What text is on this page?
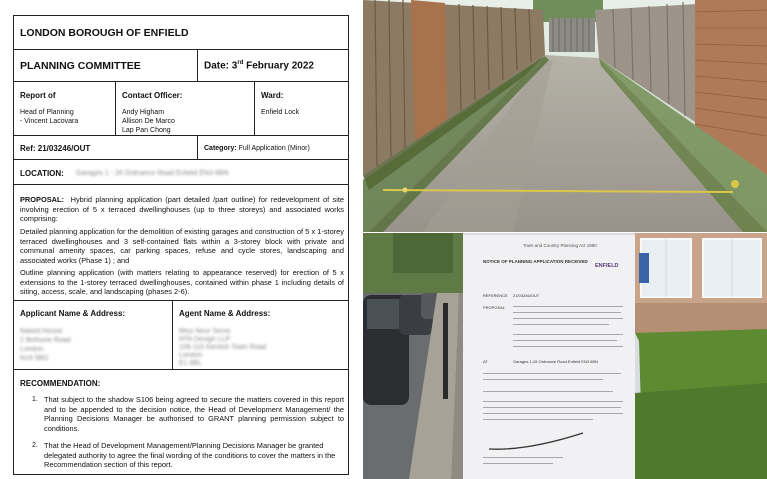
LONDON BOROUGH OF ENFIELD
PLANNING COMMITTEE	Date: 3rd February 2022
Report of
Head of Planning
- Vincent Lacovara
Contact Officer:
Andy Higham
Allison De Marco
Lap Pan Chong
Ward:
Enfield Lock
Ref: 21/03246/OUT	Category: Full Application (Minor)
LOCATION: Garages 1 - 26 Ordnance Road Enfield EN3 6BN
PROPOSAL: Hybrid planning application (part detailed /part outline) for redevelopment of site involving erection of 5 x terraced dwellinghouses (up to three storeys) and associated works comprising:
Detailed planning application for the demolition of existing garages and construction of 5 x 1-storey terraced dwellinghouses and 3 self-contained flats within a 3-storey block with private and communal amenity spaces, car parking spaces, refuse and cycle stores, landscaping and associated works (Phase 1) ; and
Outline planning application (with matters relating to appearance reserved) for erection of 5 x extensions to the 1-storey terraced dwellinghouses, contained within phase 1 including details of siting, access, scale, and landscaping (phases 2-6).
Applicant Name & Address:
Naked House
2 Bethune Road
London
N16 5BD
Agent Name & Address:
Miss Nour Sinno
HTA Design LLP
106-110 Kentish Town Road
London
E1 8BL
RECOMMENDATION:
1. That subject to the shadow S106 being agreed to secure the matters covered in this report and to be appended to the decision notice, the Head of Development Management/ the Planning Decisions Manager be authorised to GRANT planning permission subject to conditions.
2. That the Head of Development Management/Planning Decisions Manager be granted delegated authority to agree the final wording of the conditions to cover the matters in the Recommendation section of this report.
Town and Country Planning Act 1990
NOTICE OF PLANNING APPLICATION RECEIVED
ENFIELD
REFERENCE 21/03246/OUT
PROPOSAL
AT	Garages 1-26 Ordnance Road Enfield EN3 6BN
